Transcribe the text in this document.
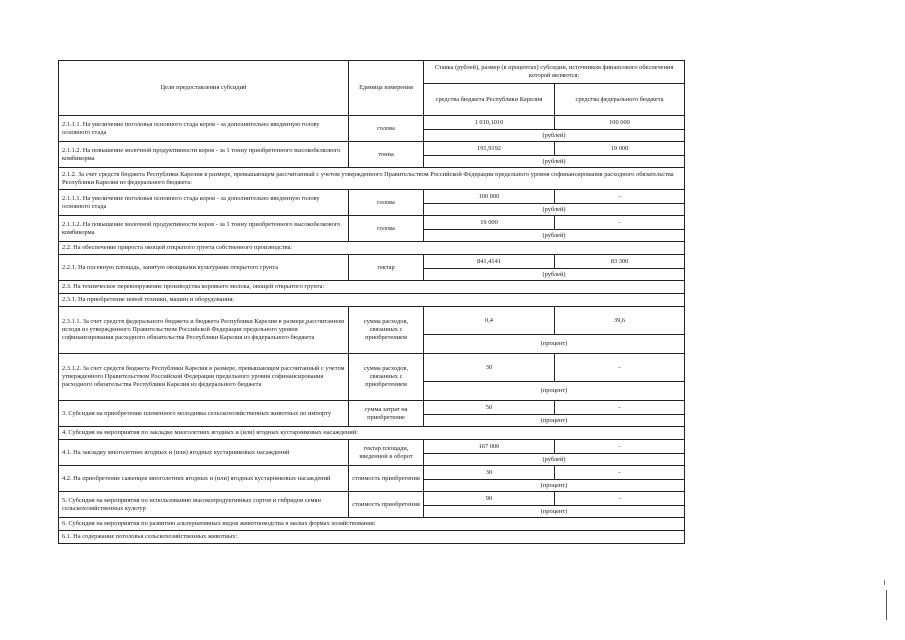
Цели предоставления субсидий	Единица измерения	Ставка (рублей), размер (в процентах) субсидии, источником финансового обеспечения которой являются:	
		средства бюджета Республики Карелия	средства федерального бюджета
2.1.1.1. На увеличение поголовья основного стада коров - за дополнительно введенную голову основного стада	голова	1 010,1010	100 000
		(рублей)	
2.1.1.2. На повышение молочной продуктивности коров - за 1 тонну приобретенного высокобелкового комбикорма	тонна	191,9192	19 000
		(рублей)	
2.1.2. За счет средств бюджета Республики Карелия в размере, превышающем рассчитанный с учетом утвержденного Правительством Российской Федерации предельного уровня софинансирования расходного обязательства Республики Карелия из федерального бюджета:			
2.1.1.1. На увеличение поголовья основного стада коров - за дополнительно введенную голову основного стада	голова	100 000	-
		(рублей)	
2.1.1.2. На повышение молочной продуктивности коров - за 1 тонну приобретенного высокобелкового комбикорма	голова	19 000	-
		(рублей)	
2.2. На обеспечение прироста овощей открытого грунта собственного производства:			
2.2.1. На посевную площадь, занятую овощными культурами открытого грунта	гектар	841,4141	83 300
		(рублей)	
2.3. На техническое перевооружение производства коровьего молока, овощей открытого грунта:			
2.3.1. На приобретение новой техники, машин и оборудования:			
2.3.1.1. За счет средств федерального бюджета и бюджета Республики Карелия в размере,рассчитанном исходя из утвержденного Правительством Российской Федерации предельного уровня софинансирования расходного обязательства Республики Карелия из федерального бюджета	сумма расходов, связанных с приобретением	0,4	39,6
		(процент)	
2.3.1.2. За счет средств бюджета Республики Карелия в размере, превышающем рассчитанный с учетом утвержденного Правительством Российской Федерации предельного уровня софинансирования расходного обязательства Республики Карелия из федерального бюджета	сумма расходов, связанных с приобретением	30	-
		(процент)	
3. Субсидия на приобретение племенного молодняка сельскохозяйственных животных по импорту	сумма затрат на приобретение	50	-
		(процент)	
4. Субсидия на мероприятия по закладке многолетних ягодных и (или) ягодных кустарниковых насаждений:			
4.1. На закладку многолетних ягодных и (или) ягодных кустарниковых насаждений	гектар площади, введенной в оборот	167 000	-
		(рублей)	
4.2. На приобретение саженцев многолетних ягодных и (или) ягодных кустарниковых насаждений	стоимость приобретения	30	-
		(процент)	
5. Субсидия на мероприятия по использованию высокопродуктивных сортов и гибридов семян сельскохозяйственных культур	стоимость приобретения	90	-
		(процент)	
6. Субсидия на мероприятия по развитию альтернативных видов животноводства в малых формах хозяйствования:			
6.1. На содержание поголовья сельскохозяйственных животных:			
